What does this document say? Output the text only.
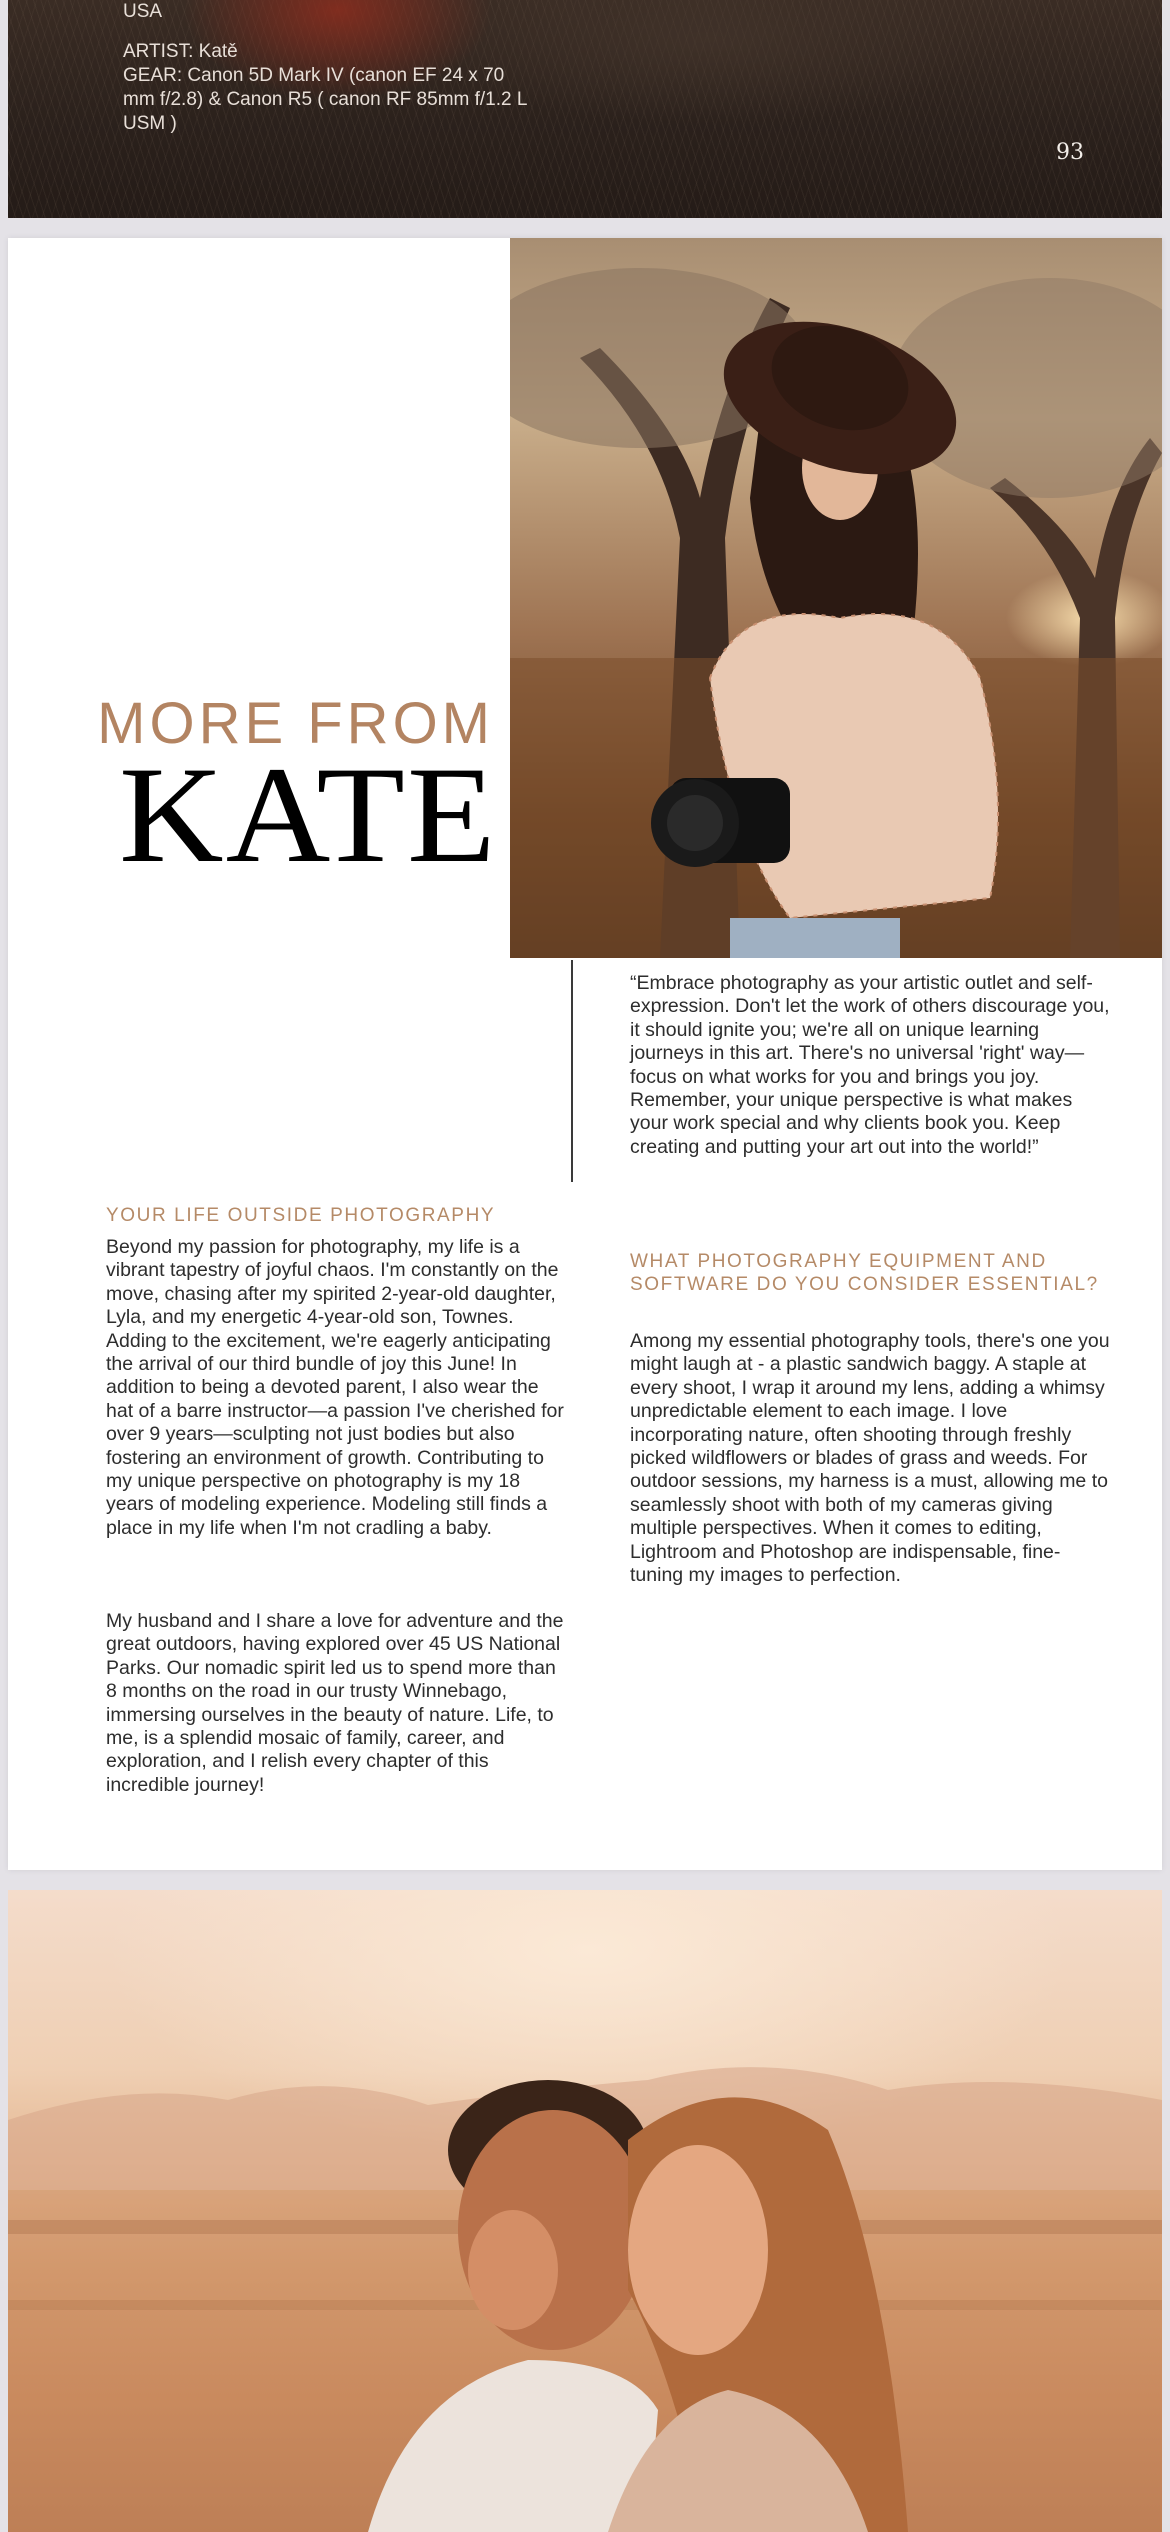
USA
ARTIST: Katě
GEAR: Canon 5D Mark IV (canon EF 24 x 70 mm f/2.8) & Canon R5 ( canon RF 85mm f/1.2 L USM )
93
MORE FROM
KATE
“Embrace photography as your artistic outlet and self-expression. Don't let the work of others discourage you, it should ignite you; we're all on unique learning journeys in this art. There's no universal 'right' way—focus on what works for you and brings you joy. Remember, your unique perspective is what makes your work special and why clients book you. Keep creating and putting your art out into the world!”
YOUR LIFE OUTSIDE PHOTOGRAPHY
Beyond my passion for photography, my life is a vibrant tapestry of joyful chaos. I'm constantly on the move, chasing after my spirited 2-year-old daughter, Lyla, and my energetic 4-year-old son, Townes. Adding to the excitement, we're eagerly anticipating the arrival of our third bundle of joy this June! In addition to being a devoted parent, I also wear the hat of a barre instructor—a passion I've cherished for over 9 years—sculpting not just bodies but also fostering an environment of growth. Contributing to my unique perspective on photography is my 18 years of modeling experience. Modeling still finds a place in my life when I'm not cradling a baby.
My husband and I share a love for adventure and the great outdoors, having explored over 45 US National Parks. Our nomadic spirit led us to spend more than 8 months on the road in our trusty Winnebago, immersing ourselves in the beauty of nature. Life, to me, is a splendid mosaic of family, career, and exploration, and I relish every chapter of this incredible journey!
WHAT PHOTOGRAPHY EQUIPMENT AND SOFTWARE DO YOU CONSIDER ESSENTIAL?
Among my essential photography tools, there's one you might laugh at - a plastic sandwich baggy. A staple at every shoot, I wrap it around my lens, adding a whimsy unpredictable element to each image. I love incorporating nature, often shooting through freshly picked wildflowers or blades of grass and weeds. For outdoor sessions, my harness is a must, allowing me to seamlessly shoot with both of my cameras giving multiple perspectives. When it comes to editing, Lightroom and Photoshop are indispensable, fine-tuning my images to perfection.
